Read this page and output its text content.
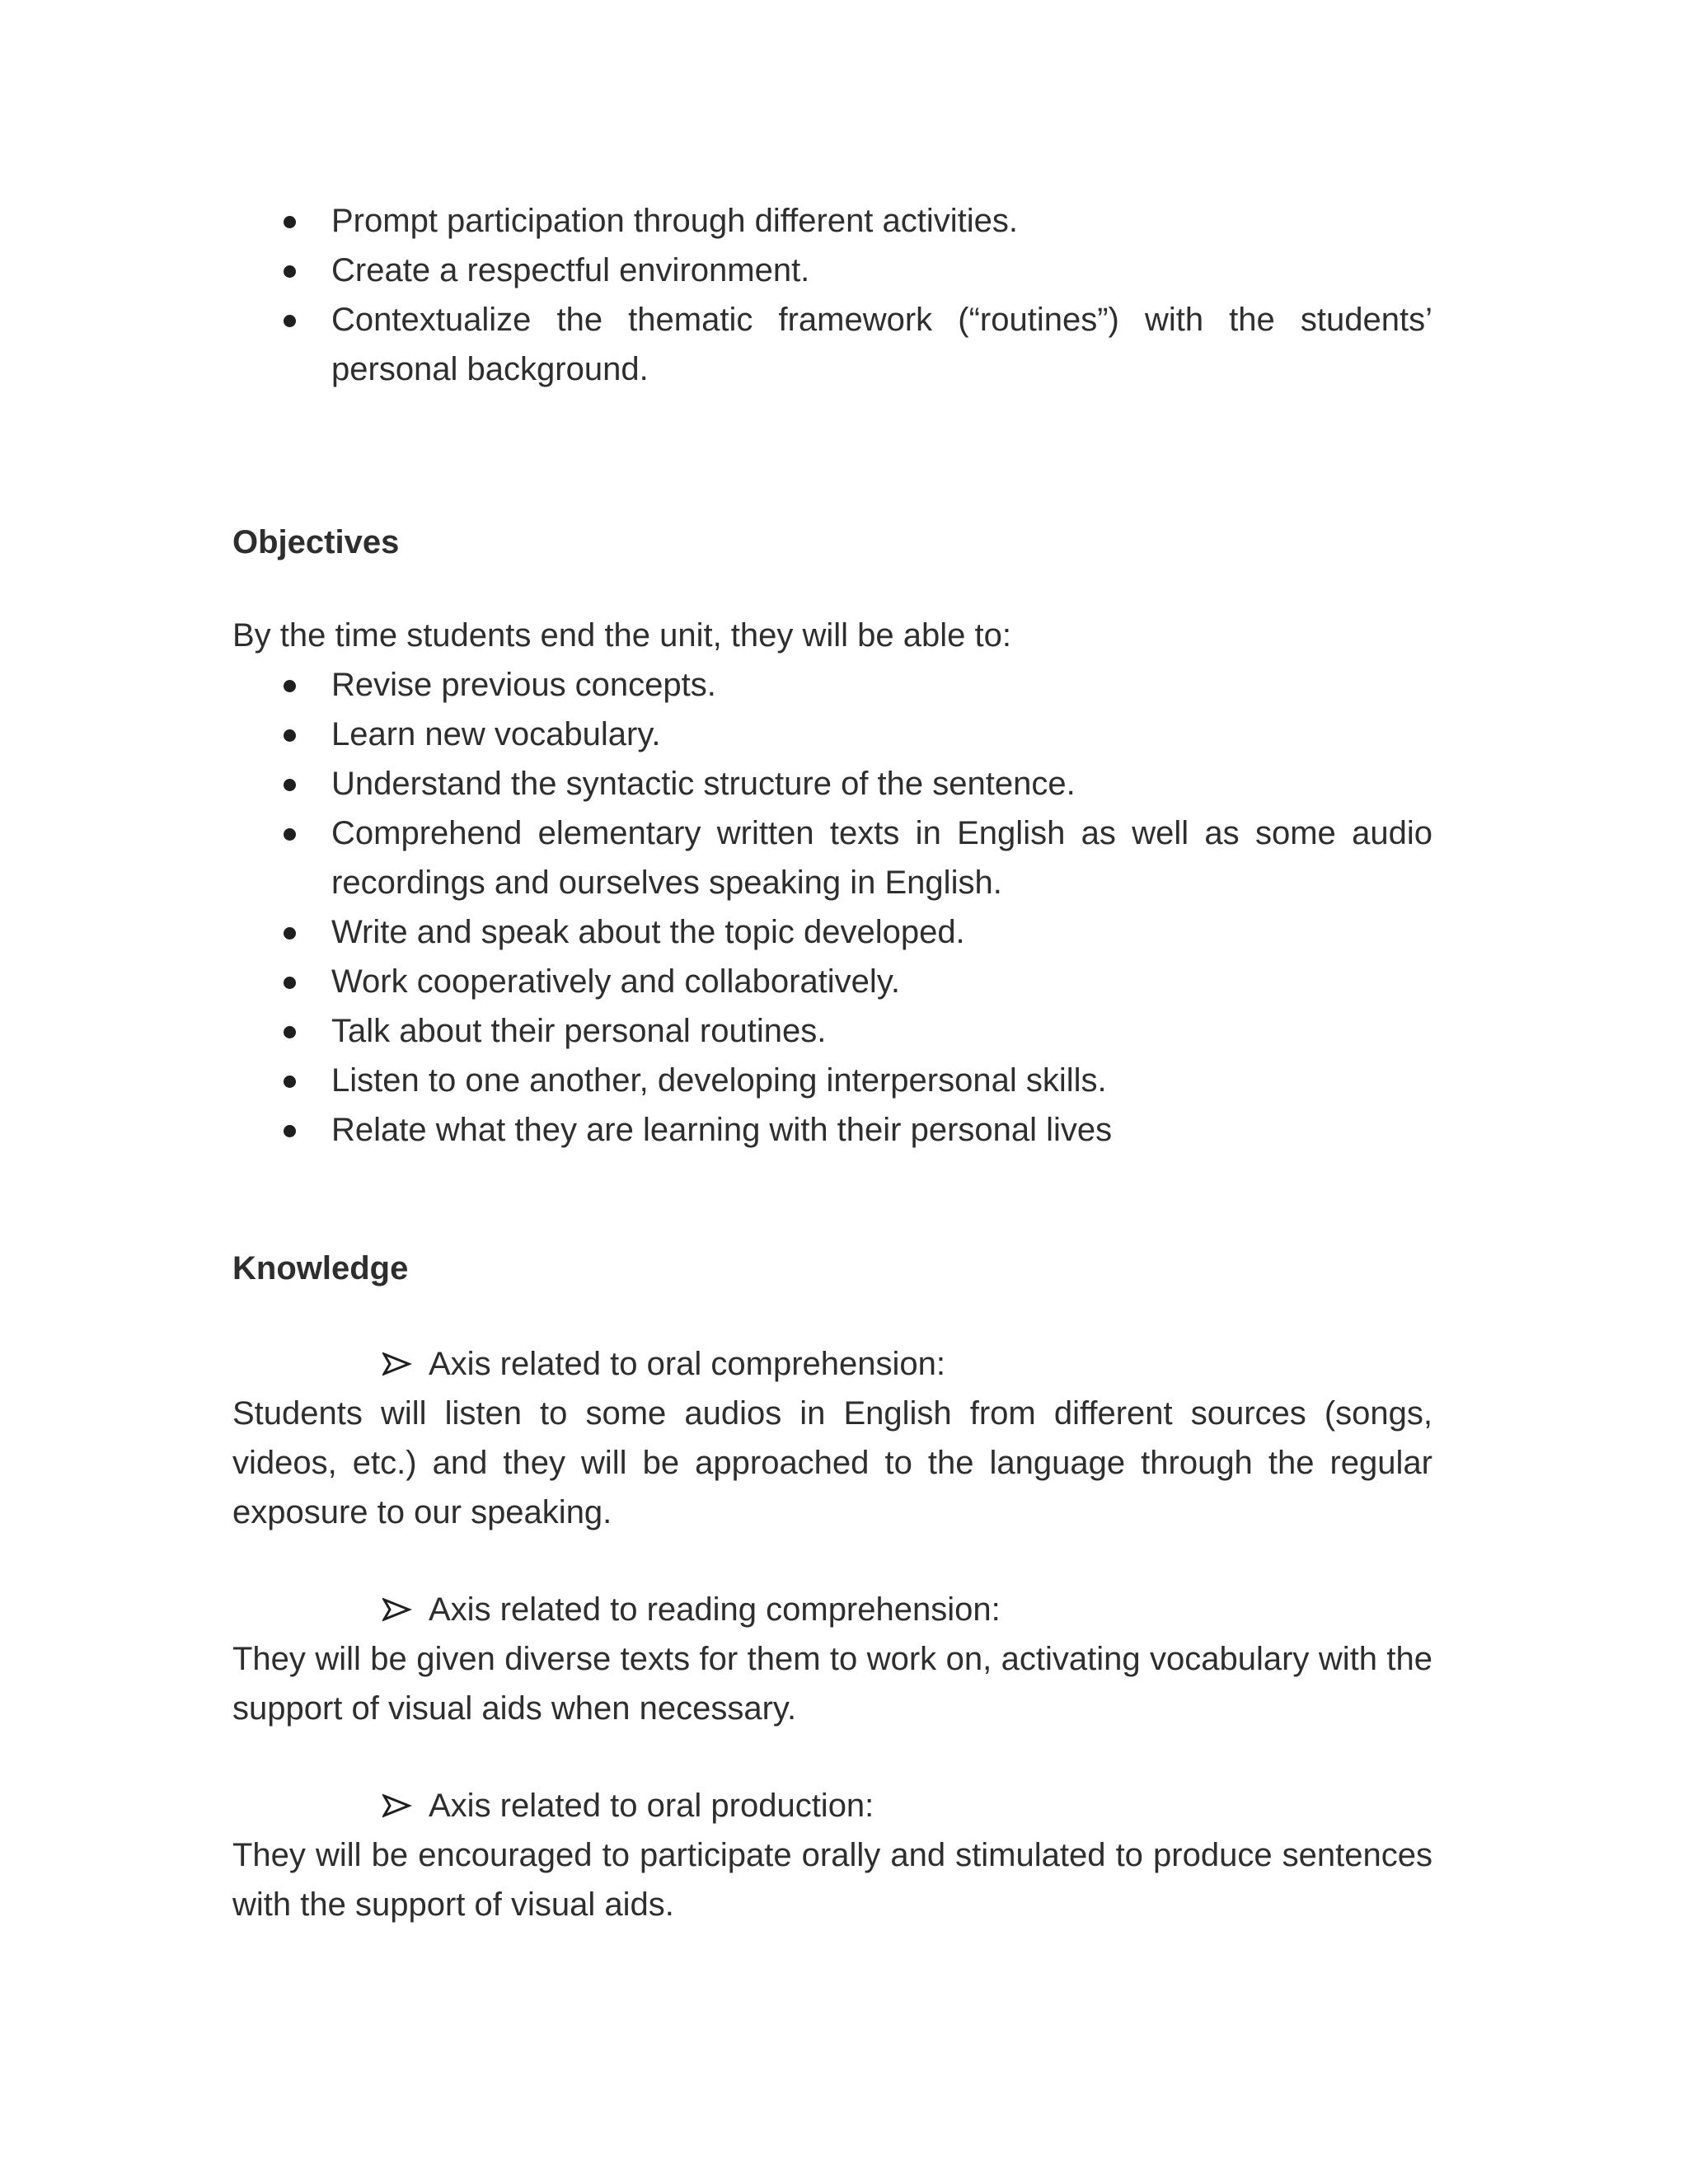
Prompt participation through different activities.
Create a respectful environment.
Contextualize the thematic framework (“routines”) with the students’ personal background.
Objectives

By the time students end the unit, they will be able to:

Revise previous concepts.
Learn new vocabulary.
Understand the syntactic structure of the sentence.
Comprehend elementary written texts in English as well as some audio recordings and ourselves speaking in English.
Write and speak about the topic developed.
Work cooperatively and collaboratively.
Talk about their personal routines.
Listen to one another, developing interpersonal skills.
Relate what they are learning with their personal lives
Knowledge
Axis related to oral comprehension:

Students will listen to some audios in English from different sources (songs, videos, etc.) and they will be approached to the language through the regular exposure to our speaking.

Axis related to reading comprehension:

They will be given diverse texts for them to work on, activating vocabulary with the support of visual aids when necessary.

Axis related to oral production:

They will be encouraged to participate orally and stimulated to produce sentences with the support of visual aids.
